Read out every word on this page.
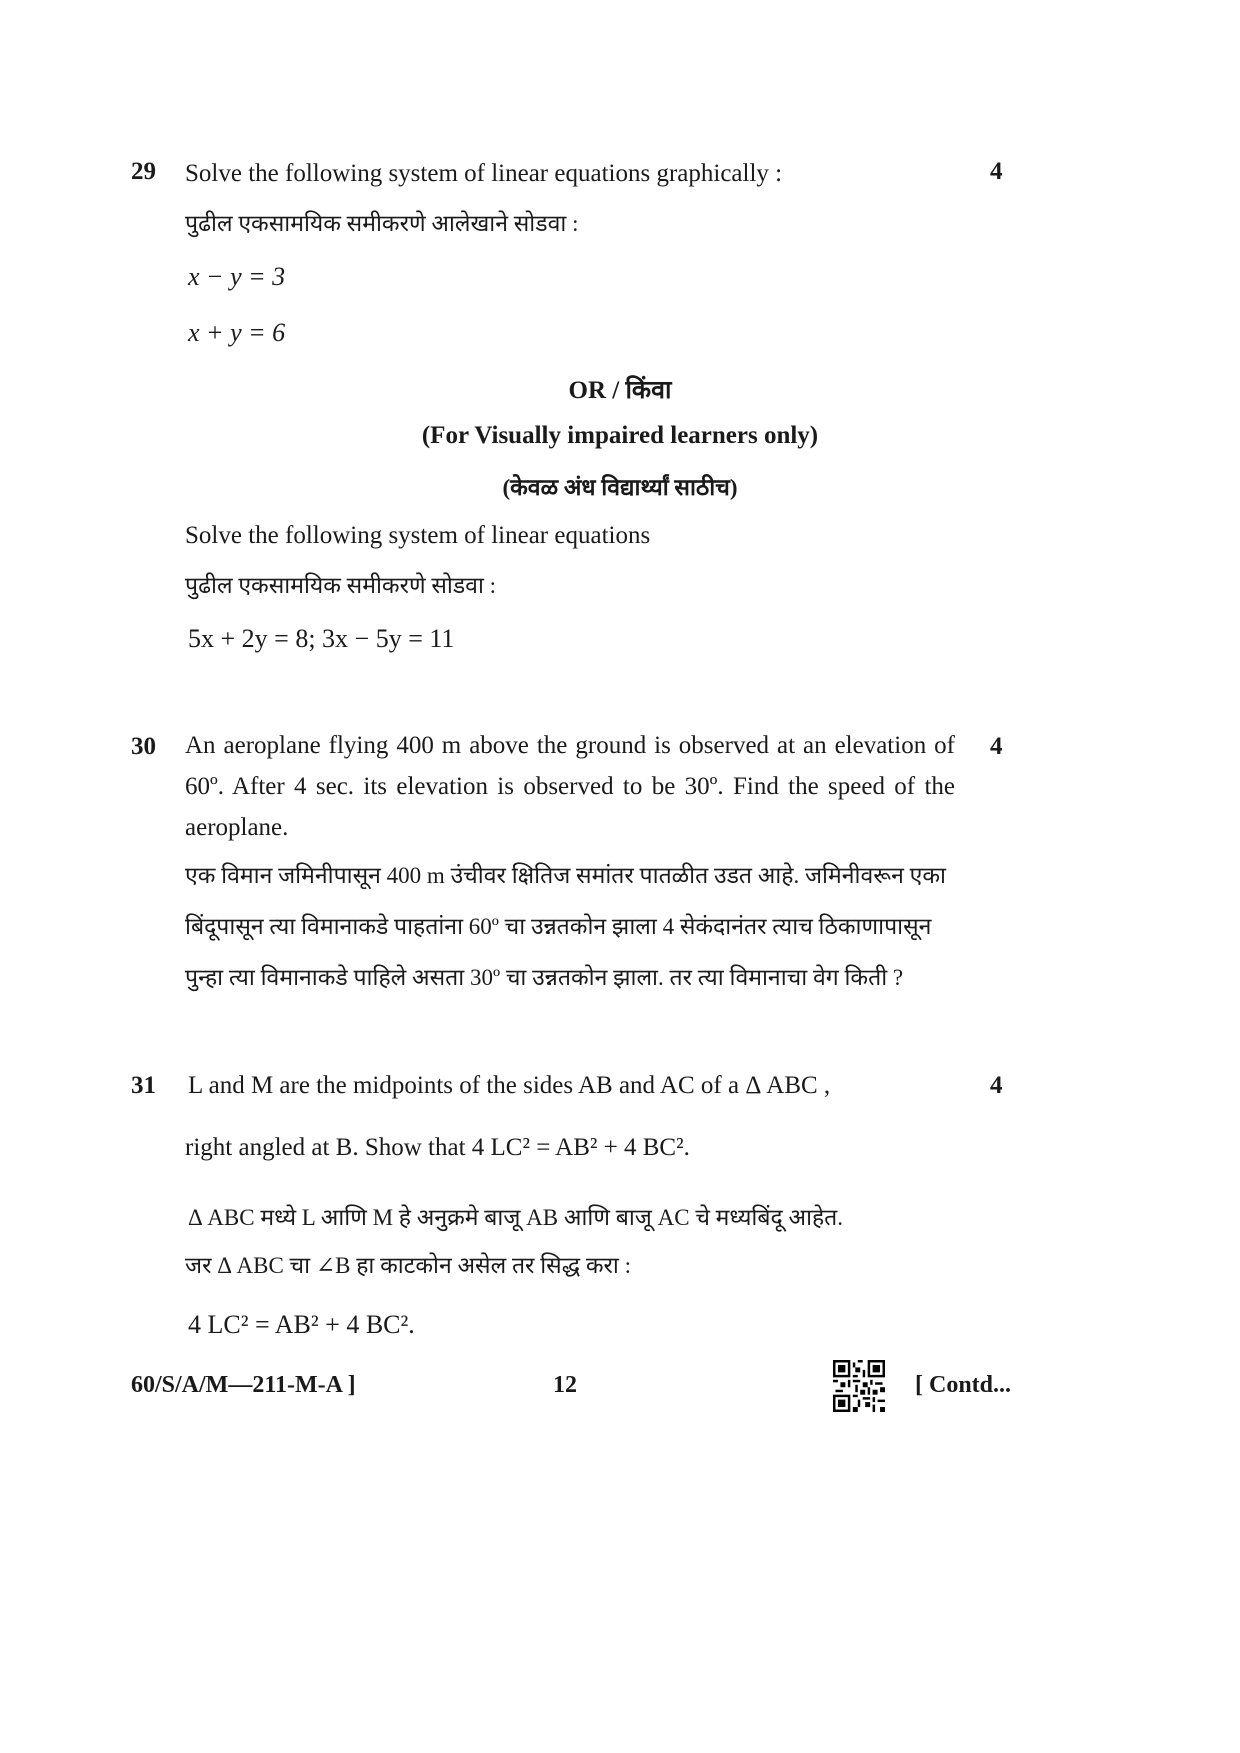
29 Solve the following system of linear equations graphically :	4
पुढील एकसामयिक समीकरणे आलेखाने सोडवा :
x − y = 3
x + y = 6
OR / किंवा
(For Visually impaired learners only)
(केवळ अंध विद्यार्थ्यां साठीच)
Solve the following system of linear equations
पुढील एकसामयिक समीकरणे सोडवा :
5x + 2y = 8; 3x − 5y = 11
30	4
An aeroplane flying 400 m above the ground is observed at an elevation of 60º. After 4 sec. its elevation is observed to be 30º. Find the speed of the aeroplane.
एक विमान जमिनीपासून 400 m उंचीवर क्षितिज समांतर पातळीत उडत आहे. जमिनीवरून एका
बिंदूपासून त्या विमानाकडे पाहतांना 60º चा उन्नतकोन झाला 4 सेकंदानंतर त्याच ठिकाणापासून
पुन्हा त्या विमानाकडे पाहिले असता 30º चा उन्नतकोन झाला. तर त्या विमानाचा वेग किती ?
31	4
L and M are the midpoints of the sides AB and AC of a Δ ABC ,
right angled at B. Show that 4 LC² = AB² + 4 BC².
Δ ABC मध्ये L आणि M हे अनुक्रमे बाजू AB आणि बाजू AC चे मध्यबिंदू आहेत.
जर Δ ABC चा ∠B हा काटकोन असेल तर सिद्ध करा :
4 LC² = AB² + 4 BC².
60/S/A/M—211-M-A ]	12	[ Contd...
